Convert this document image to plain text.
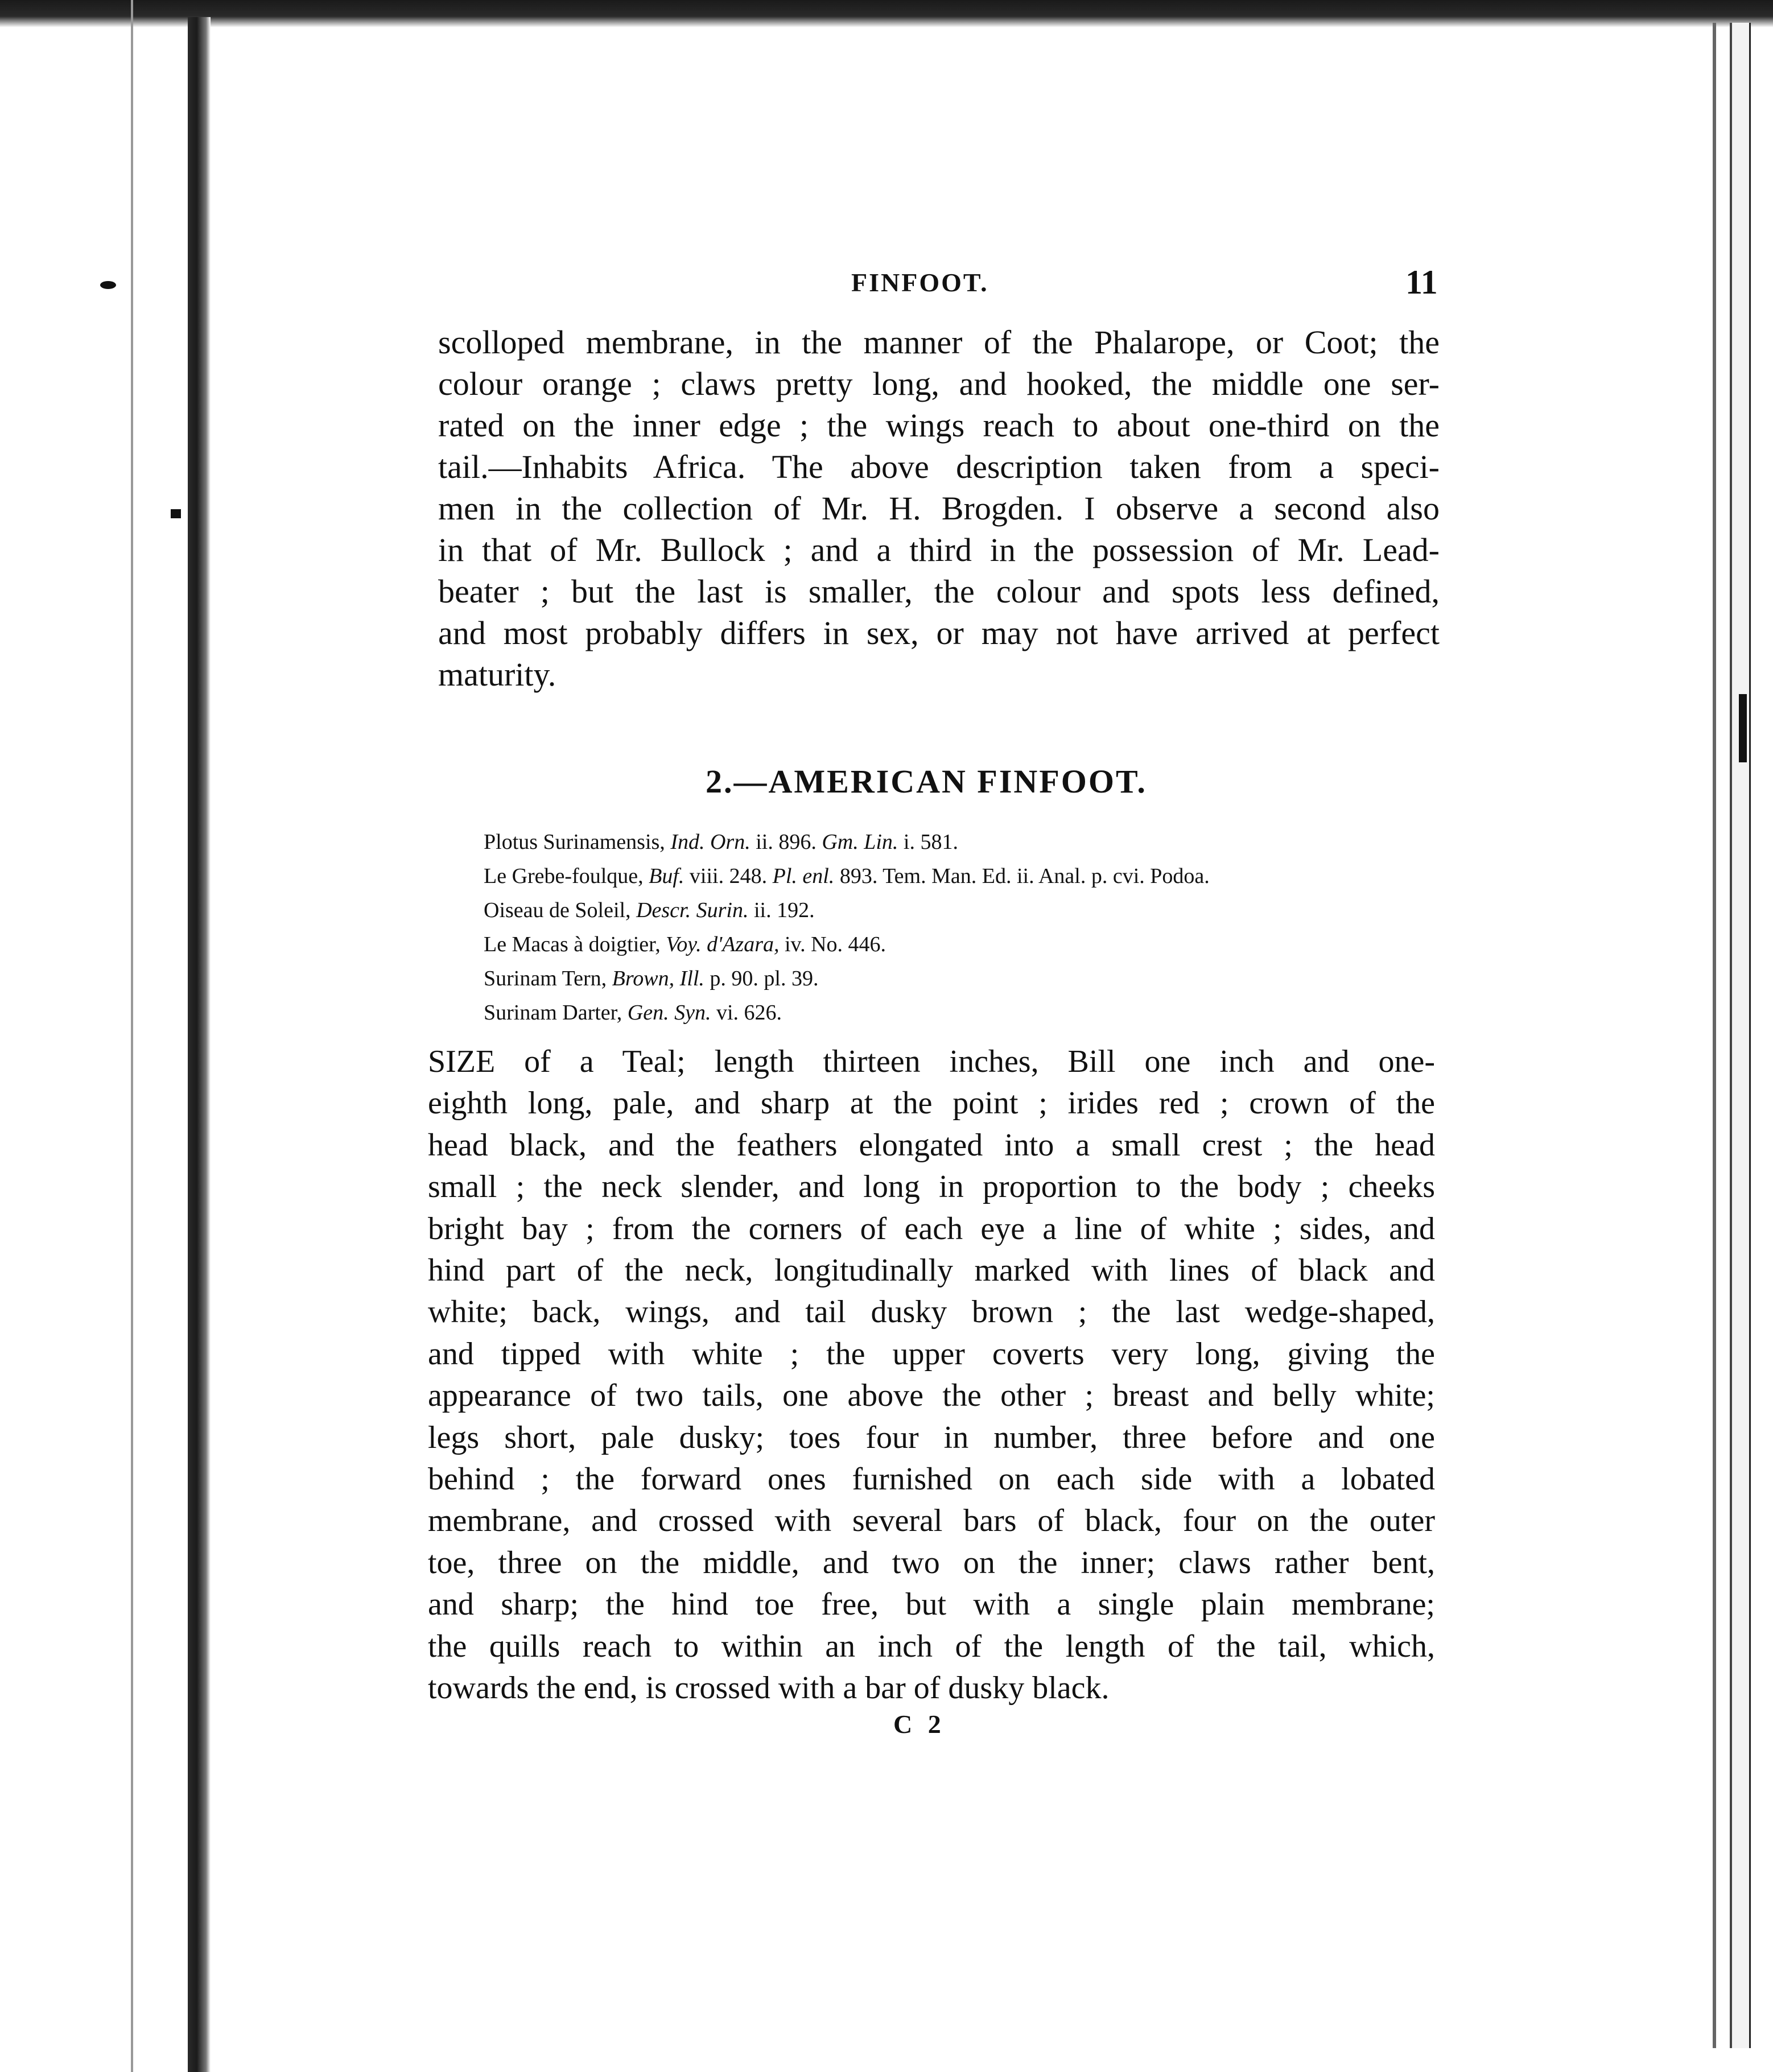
FINFOOT.	11
scolloped membrane, in the manner of the Phalarope, or Coot; the
colour orange ; claws pretty long, and hooked, the middle one ser-
rated on the inner edge ; the wings reach to about one-third on the
tail.—Inhabits Africa. The above description taken from a speci-
men in the collection of Mr. H. Brogden. I observe a second also
in that of Mr. Bullock ; and a third in the possession of Mr. Lead-
beater ; but the last is smaller, the colour and spots less defined,
and most probably differs in sex, or may not have arrived at perfect
maturity.
2.—AMERICAN FINFOOT.
Plotus Surinamensis, Ind. Orn. ii. 896. Gm. Lin. i. 581.
Le Grebe-foulque, Buf. viii. 248. Pl. enl. 893. Tem. Man. Ed. ii. Anal. p. cvi. Podoa.
Oiseau de Soleil, Descr. Surin. ii. 192.
Le Macas à doigtier, Voy. d'Azara, iv. No. 446.
Surinam Tern, Brown, Ill. p. 90. pl. 39.
Surinam Darter, Gen. Syn. vi. 626.
SIZE of a Teal; length thirteen inches, Bill one inch and one-
eighth long, pale, and sharp at the point ; irides red ; crown of the
head black, and the feathers elongated into a small crest ; the head
small ; the neck slender, and long in proportion to the body ; cheeks
bright bay ; from the corners of each eye a line of white ; sides, and
hind part of the neck, longitudinally marked with lines of black and
white; back, wings, and tail dusky brown ; the last wedge-shaped,
and tipped with white ; the upper coverts very long, giving the
appearance of two tails, one above the other ; breast and belly white;
legs short, pale dusky; toes four in number, three before and one
behind ; the forward ones furnished on each side with a lobated
membrane, and crossed with several bars of black, four on the outer
toe, three on the middle, and two on the inner; claws rather bent,
and sharp; the hind toe free, but with a single plain membrane;
the quills reach to within an inch of the length of the tail, which,
towards the end, is crossed with a bar of dusky black.
C 2
